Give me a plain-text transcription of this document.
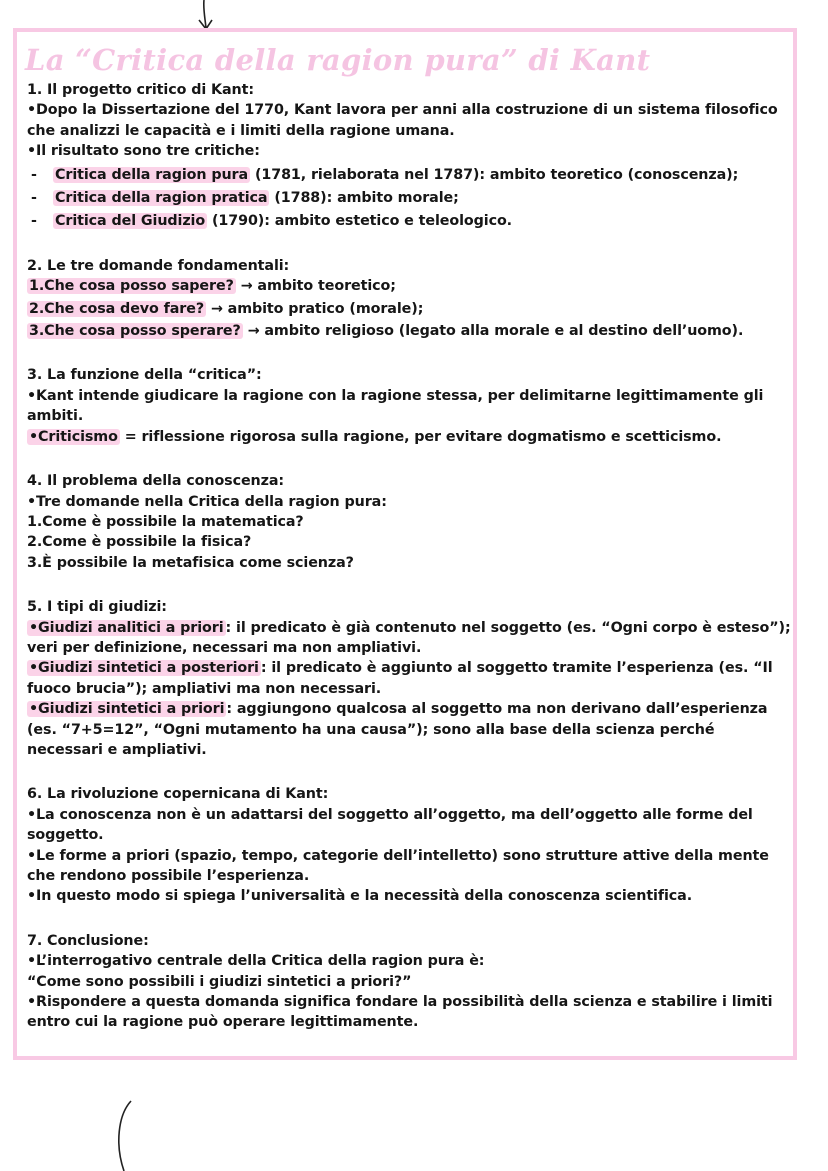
La “Critica della ragion pura” di Kant
1. Il progetto critico di Kant:
•Dopo la Dissertazione del 1770, Kant lavora per anni alla costruzione di un sistema filosofico che analizzi le capacità e i limiti della ragione umana.
•Il risultato sono tre critiche:
-	Critica della ragion pura (1781, rielaborata nel 1787): ambito teoretico (conoscenza);
-	Critica della ragion pratica (1788): ambito morale;
-	Critica del Giudizio (1790): ambito estetico e teleologico.
2. Le tre domande fondamentali:
1.Che cosa posso sapere? → ambito teoretico;
2.Che cosa devo fare? → ambito pratico (morale);
3.Che cosa posso sperare? → ambito religioso (legato alla morale e al destino dell’uomo).
3. La funzione della “critica”:
•Kant intende giudicare la ragione con la ragione stessa, per delimitarne legittimamente gli ambiti.
•Criticismo = riflessione rigorosa sulla ragione, per evitare dogmatismo e scetticismo.
4. Il problema della conoscenza:
•Tre domande nella Critica della ragion pura:
1.Come è possibile la matematica?
2.Come è possibile la fisica?
3.È possibile la metafisica come scienza?
5. I tipi di giudizi:
•Giudizi analitici a priori : il predicato è già contenuto nel soggetto (es. “Ogni corpo è esteso”); veri per definizione, necessari ma non ampliativi.
•Giudizi sintetici a posteriori : il predicato è aggiunto al soggetto tramite l’esperienza (es. “Il fuoco brucia”); ampliativi ma non necessari.
•Giudizi sintetici a priori : aggiungono qualcosa al soggetto ma non derivano dall’esperienza (es. “7+5=12”, “Ogni mutamento ha una causa”); sono alla base della scienza perché necessari e ampliativi.
6. La rivoluzione copernicana di Kant:
•La conoscenza non è un adattarsi del soggetto all’oggetto, ma dell’oggetto alle forme del soggetto.
•Le forme a priori (spazio, tempo, categorie dell’intelletto) sono strutture attive della mente che rendono possibile l’esperienza.
•In questo modo si spiega l’universalità e la necessità della conoscenza scientifica.
7. Conclusione:
•L’interrogativo centrale della Critica della ragion pura è:
“Come sono possibili i giudizi sintetici a priori?”
•Rispondere a questa domanda significa fondare la possibilità della scienza e stabilire i limiti entro cui la ragione può operare legittimamente.
